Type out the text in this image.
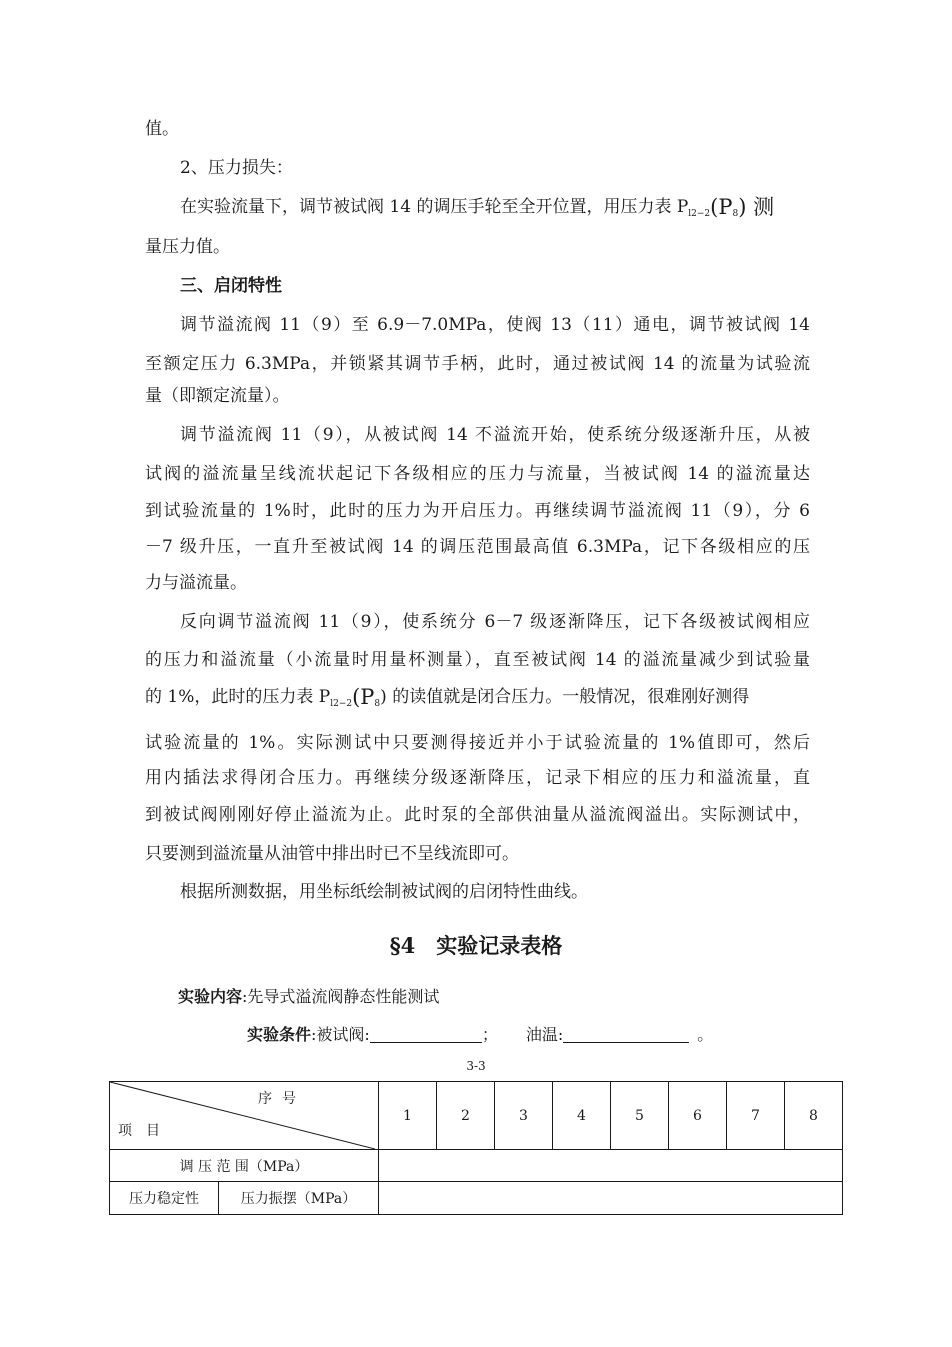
值。
2、压力损失：
在实验流量下，调节被试阀 14 的调压手轮至全开位置，用压力表 $P_{l2-2}(P_8)$ 测
量压力值。
三、启闭特性
调节溢流阀 11（9）至 6.9－7.0MPa，使阀 13（11）通电，调节被试阀 14
至额定压力 6.3MPa，并锁紧其调节手柄，此时，通过被试阀 14 的流量为试验流
量（即额定流量）。
调节溢流阀 11（9），从被试阀 14 不溢流开始，使系统分级逐渐升压，从被
试阀的溢流量呈线流状起记下各级相应的压力与流量，当被试阀 14 的溢流量达
到试验流量的 1%时，此时的压力为开启压力。再继续调节溢流阀 11（9），分 6
－7 级升压，一直升至被试阀 14 的调压范围最高值 6.3MPa，记下各级相应的压
力与溢流量。
反向调节溢流阀 11（9），使系统分 6－7 级逐渐降压，记下各级被试阀相应
的压力和溢流量（小流量时用量杯测量），直至被试阀 14 的溢流量减少到试验量
的 1%，此时的压力表 $P_{l2-2}(P_8)$ 的读值就是闭合压力。一般情况，很难刚好测得
试验流量的 1%。实际测试中只要测得接近并小于试验流量的 1%值即可，然后
用内插法求得闭合压力。再继续分级逐渐降压，记录下相应的压力和溢流量，直
到被试阀刚刚好停止溢流为止。此时泵的全部供油量从溢流阀溢出。实际测试中，
只要测到溢流量从油管中排出时已不呈线流即可。
根据所测数据，用坐标纸绘制被试阀的启闭特性曲线。
§4　实验记录表格
实验内容:先导式溢流阀静态性能测试
实验条件:被试阀:	； 油温:	。
3-3
序号
项目		1	2	3	4	5	6	7	8
调 压 范 围（MPa）									
压力稳定性	压力振摆（MPa）								
